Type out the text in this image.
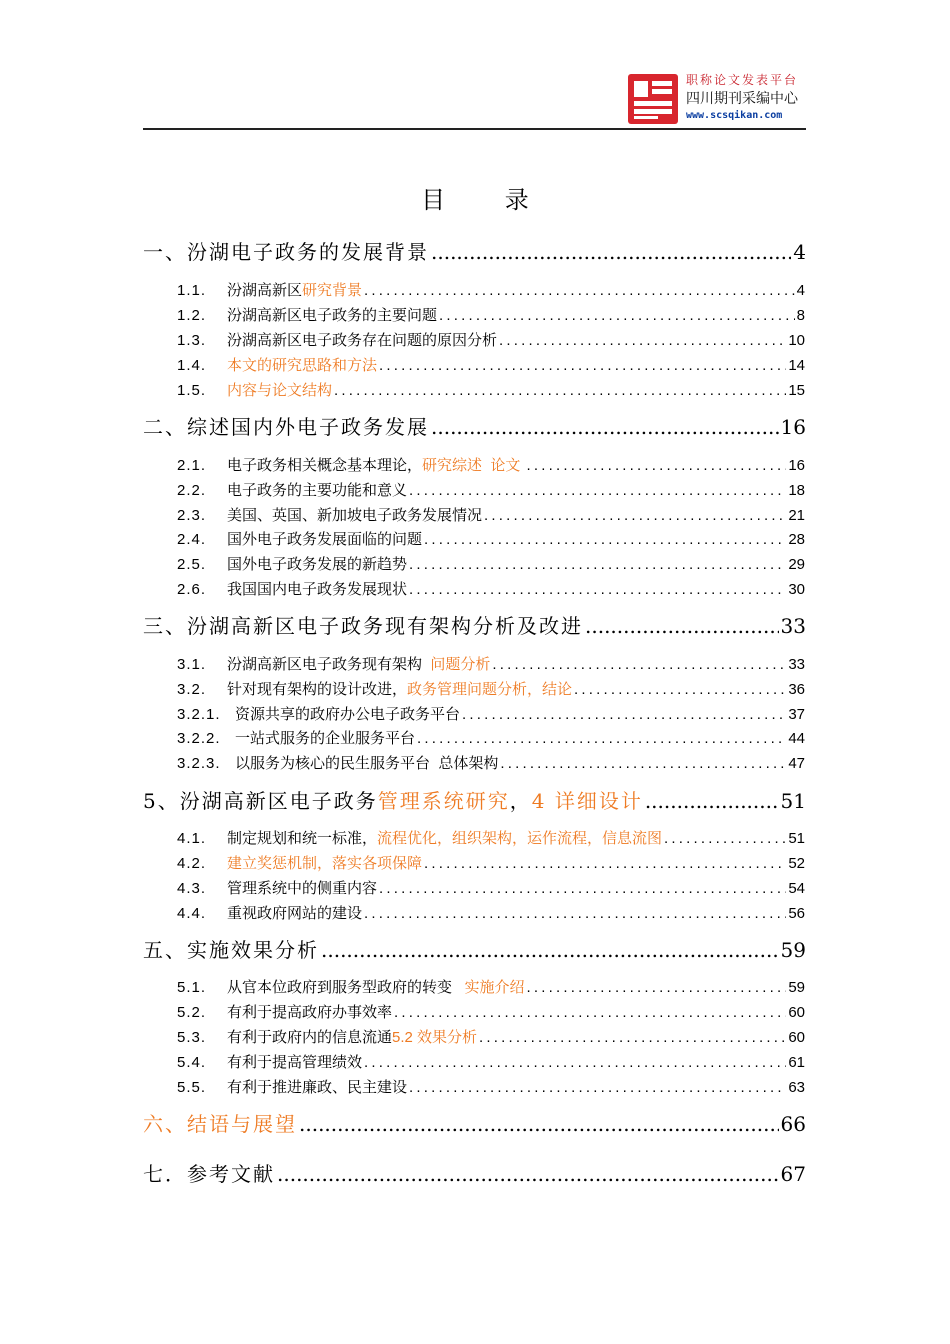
职称论文发表平台
四川期刊采编中心
www.scsqikan.com
目 录
一、 汾湖电子政务的发展背景 .....	4
1.1.	汾湖高新区 研究背景 .....	4
1.2.	汾湖高新区电子政务的主要问题 .....	8
1.3.	汾湖高新区电子政务存在问题的原因分析 .....	10
1.4.	本文的研究思路和方法 .....	14
1.5.	内容与论文结构 .....	15
二、 综述国内外电子政务发展 .....	16
2.1.	电子政务相关概念基本理论， 研究综述  论文 .....	16
2.2.	电子政务的主要功能和意义 .....	18
2.3.	美国、英国、新加坡电子政务发展情况 .....	21
2.4.	国外电子政务发展面临的问题 .....	28
2.5.	国外电子政务发展的新趋势 .....	29
2.6.	我国国内电子政务发展现状 .....	30
三、 汾湖高新区电子政务现有架构分析及改进 .....	33
3.1.	汾湖高新区电子政务现有架构 问题分析 .....	33
3.2.	针对现有架构的设计改进， 政务管理问题分析，结论 .....	36
3.2.1. 资源共享的政府办公电子政务平台 .....	37
3.2.2. 一站式服务的企业服务平台 .....	44
3.2.3. 以服务为核心的民生服务平台  总体架构 .....	47
5、 汾湖高新区电子政务 管理系统研究 ， 4 详细设计 .....	51
4.1.	制定规划和统一标准， 流程优化，组织架构，运作流程，信息流图 .....	51
4.2.	建立奖惩机制，落实各项保障 .....	52
4.3.	管理系统中的侧重内容 .....	54
4.4.	重视政府网站的建设 .....	56
五、 实施效果分析 .....	59
5.1.	从官本位政府到服务型政府的转变 实施介绍 .....	59
5.2.	有利于提高政府办事效率 .....	60
5.3.	有利于政府内的信息流通 5.2 效果分析 .....	60
5.4.	有利于提高管理绩效 .....	61
5.5.	有利于推进廉政、民主建设 .....	63
六、 结语与展望 .....	66
七． 参考文献 .....	67
